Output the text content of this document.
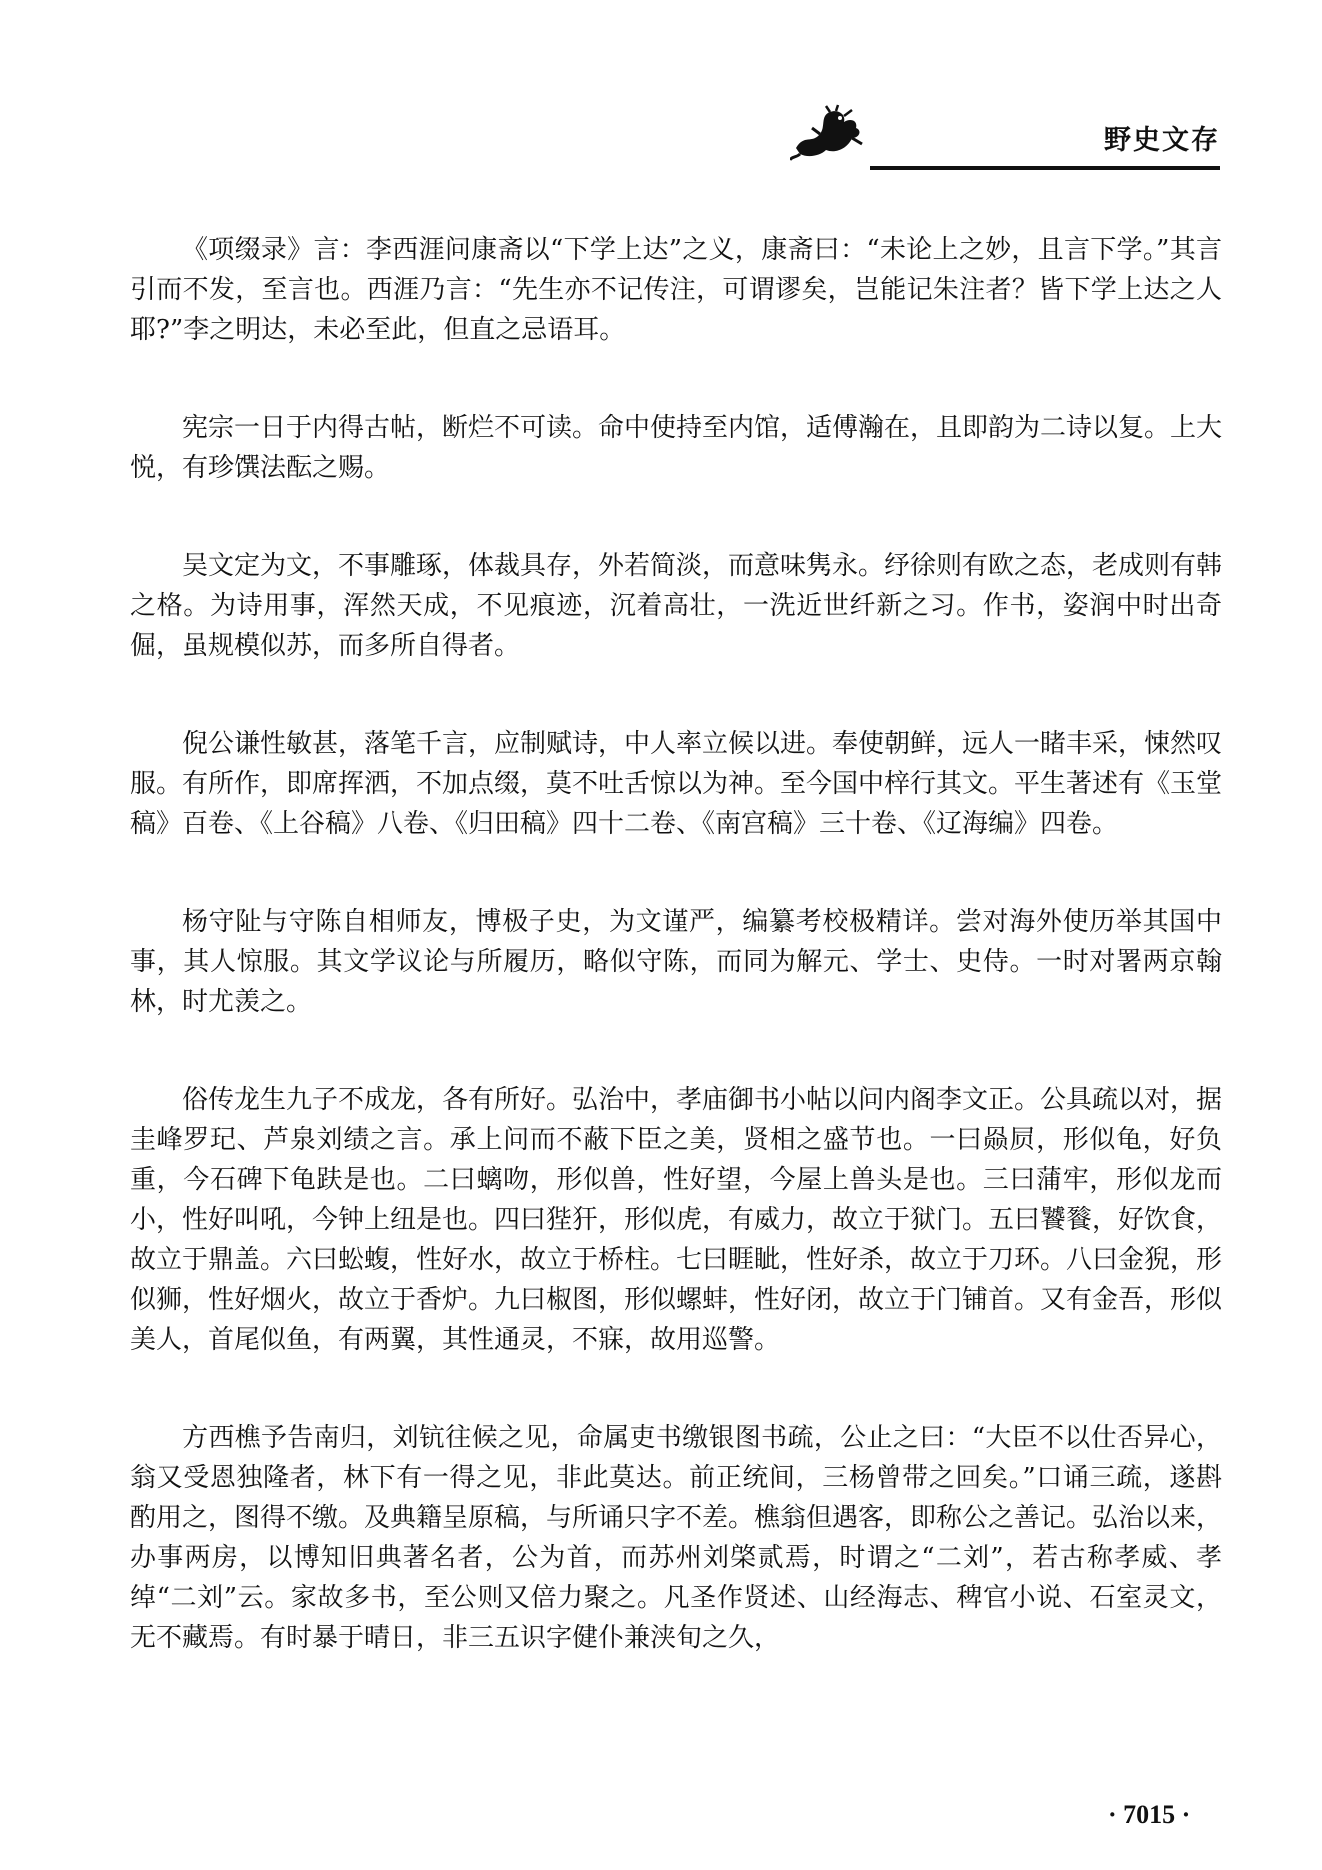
野史文存

《项缀录》言：李西涯问康斋以“下学上达”之义，康斋曰：“未论上之妙，且言下学。”其言引而不发，至言也。西涯乃言：“先生亦不记传注，可谓谬矣，岂能记朱注者？皆下学上达之人耶?”李之明达，未必至此，但直之忌语耳。

宪宗一日于内得古帖，断烂不可读。命中使持至内馆，适傅瀚在，且即韵为二诗以复。上大悦，有珍馔法酝之赐。

吴文定为文，不事雕琢，体裁具存，外若简淡，而意味隽永。纾徐则有欧之态，老成则有韩之格。为诗用事，浑然天成，不见痕迹，沉着高壮，一洗近世纤新之习。作书，姿润中时出奇倔，虽规模似苏，而多所自得者。

倪公谦性敏甚，落笔千言，应制赋诗，中人率立候以进。奉使朝鲜，远人一睹丰采，悚然叹服。有所作，即席挥洒，不加点缀，莫不吐舌惊以为神。至今国中梓行其文。平生著述有《玉堂稿》百卷、《上谷稿》八卷、《归田稿》四十二卷、《南宫稿》三十卷、《辽海编》四卷。

杨守阯与守陈自相师友，博极子史，为文谨严，编纂考校极精详。尝对海外使历举其国中事，其人惊服。其文学议论与所履历，略似守陈，而同为解元、学士、史侍。一时对署两京翰林，时尤羡之。

俗传龙生九子不成龙，各有所好。弘治中，孝庙御书小帖以问内阁李文正。公具疏以对，据圭峰罗玘、芦泉刘绩之言。承上问而不蔽下臣之美，贤相之盛节也。一曰赑屃，形似龟，好负重，今石碑下龟趺是也。二曰螭吻，形似兽，性好望，今屋上兽头是也。三曰蒲牢，形似龙而小，性好叫吼，今钟上纽是也。四曰狴犴，形似虎，有威力，故立于狱门。五曰饕餮，好饮食，故立于鼎盖。六曰蚣蝮，性好水，故立于桥柱。七曰睚眦，性好杀，故立于刀环。八曰金猊，形似狮，性好烟火，故立于香炉。九曰椒图，形似螺蚌，性好闭，故立于门铺首。又有金吾，形似美人，首尾似鱼，有两翼，其性通灵，不寐，故用巡警。

方西樵予告南归，刘钪往候之见，命属吏书缴银图书疏，公止之曰：“大臣不以仕否异心，翁又受恩独隆者，林下有一得之见，非此莫达。前正统间，三杨曾带之回矣。”口诵三疏，遂斟酌用之，图得不缴。及典籍呈原稿，与所诵只字不差。樵翁但遇客，即称公之善记。弘治以来，办事两房，以博知旧典著名者，公为首，而苏州刘棨贰焉，时谓之“二刘”，若古称孝威、孝绰“二刘”云。家故多书，至公则又倍力聚之。凡圣作贤述、山经海志、稗官小说、石室灵文，无不藏焉。有时暴于晴日，非三五识字健仆兼浃旬之久，

· 7015 ·
